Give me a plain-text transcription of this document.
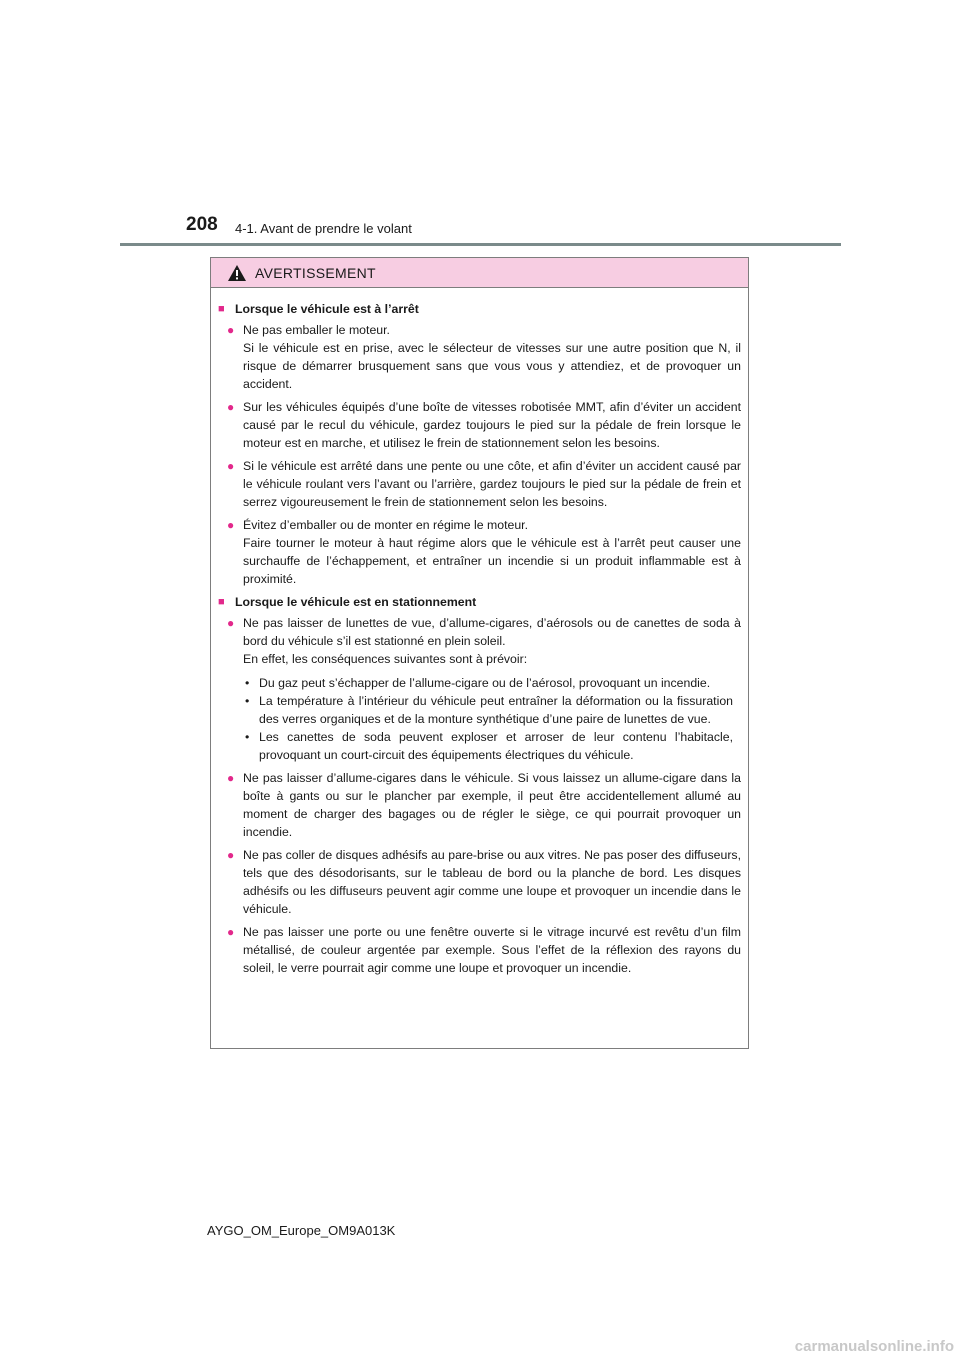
208 4-1. Avant de prendre le volant
AVERTISSEMENT
■ Lorsque le véhicule est à l’arrêt
● Ne pas emballer le moteur.

Si le véhicule est en prise, avec le sélecteur de vitesses sur une autre position que N, il risque de démarrer brusquement sans que vous vous y attendiez, et de provoquer un accident.

● Sur les véhicules équipés d’une boîte de vitesses robotisée MMT, afin d’éviter un accident causé par le recul du véhicule, gardez toujours le pied sur la pédale de frein lorsque le moteur est en marche, et utilisez le frein de stationnement selon les besoins.

● Si le véhicule est arrêté dans une pente ou une côte, et afin d’éviter un accident causé par le véhicule roulant vers l’avant ou l’arrière, gardez toujours le pied sur la pédale de frein et serrez vigoureusement le frein de stationnement selon les besoins.

● Évitez d’emballer ou de monter en régime le moteur.

Faire tourner le moteur à haut régime alors que le véhicule est à l’arrêt peut causer une surchauffe de l’échappement, et entraîner un incendie si un produit inflammable est à proximité.

■ Lorsque le véhicule est en stationnement
● Ne pas laisser de lunettes de vue, d’allume-cigares, d’aérosols ou de canettes de soda à bord du véhicule s’il est stationné en plein soleil.

En effet, les conséquences suivantes sont à prévoir:

• Du gaz peut s’échapper de l’allume-cigare ou de l’aérosol, provoquant un incendie.
• La température à l’intérieur du véhicule peut entraîner la déformation ou la fissuration des verres organiques et de la monture synthétique d’une paire de lunettes de vue.
• Les canettes de soda peuvent exploser et arroser de leur contenu l’habitacle, provoquant un court-circuit des équipements électriques du véhicule.
● Ne pas laisser d’allume-cigares dans le véhicule. Si vous laissez un allume-cigare dans la boîte à gants ou sur le plancher par exemple, il peut être accidentellement allumé au moment de charger des bagages ou de régler le siège, ce qui pourrait provoquer un incendie.

● Ne pas coller de disques adhésifs au pare-brise ou aux vitres. Ne pas poser des diffuseurs, tels que des désodorisants, sur le tableau de bord ou la planche de bord. Les disques adhésifs ou les diffuseurs peuvent agir comme une loupe et provoquer un incendie dans le véhicule.

● Ne pas laisser une porte ou une fenêtre ouverte si le vitrage incurvé est revêtu d’un film métallisé, de couleur argentée par exemple. Sous l’effet de la réflexion des rayons du soleil, le verre pourrait agir comme une loupe et provoquer un incendie.

AYGO_OM_Europe_OM9A013K
carmanualsonline.info
